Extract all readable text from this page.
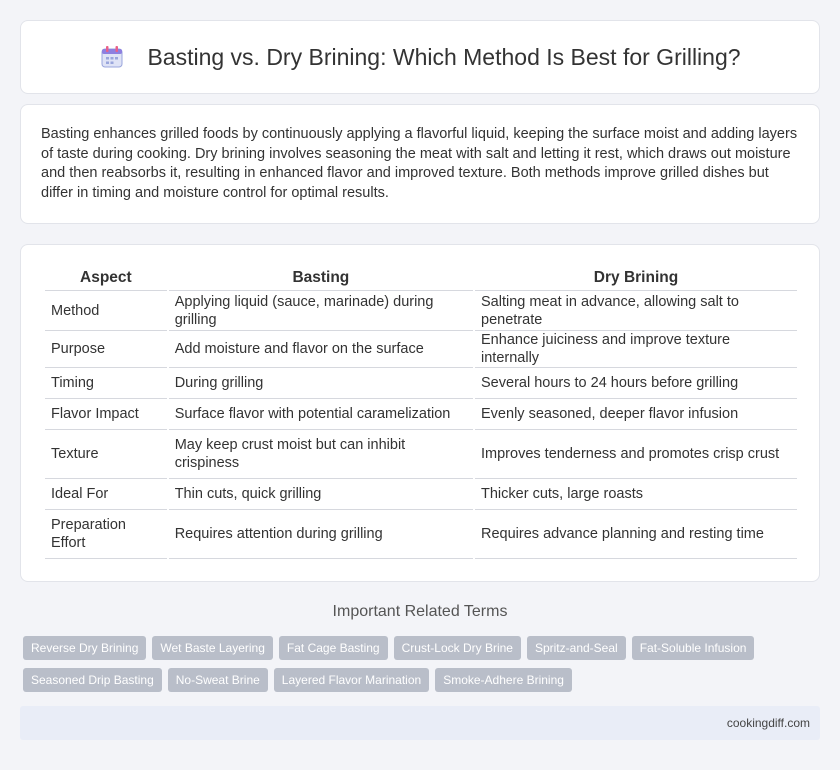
Basting vs. Dry Brining: Which Method Is Best for Grilling?

Basting enhances grilled foods by continuously applying a flavorful liquid, keeping the surface moist and adding layers of taste during cooking. Dry brining involves seasoning the meat with salt and letting it rest, which draws out moisture and then reabsorbs it, resulting in enhanced flavor and improved texture. Both methods improve grilled dishes but differ in timing and moisture control for optimal results.

Aspect	Basting	Dry Brining
Method	Applying liquid (sauce, marinade) during grilling	Salting meat in advance, allowing salt to penetrate
Purpose	Add moisture and flavor on the surface	Enhance juiciness and improve texture internally
Timing	During grilling	Several hours to 24 hours before grilling
Flavor Impact	Surface flavor with potential caramelization	Evenly seasoned, deeper flavor infusion
Texture	May keep crust moist but can inhibit crispiness	Improves tenderness and promotes crisp crust
Ideal For	Thin cuts, quick grilling	Thicker cuts, large roasts
Preparation Effort	Requires attention during grilling	Requires advance planning and resting time
Important Related Terms
Reverse Dry Brining	Wet Baste Layering	Fat Cage Basting	Crust-Lock Dry Brine	Spritz-and-Seal	Fat-Soluble Infusion
Seasoned Drip Basting	No-Sweat Brine	Layered Flavor Marination	Smoke-Adhere Brining
cookingdiff.com
